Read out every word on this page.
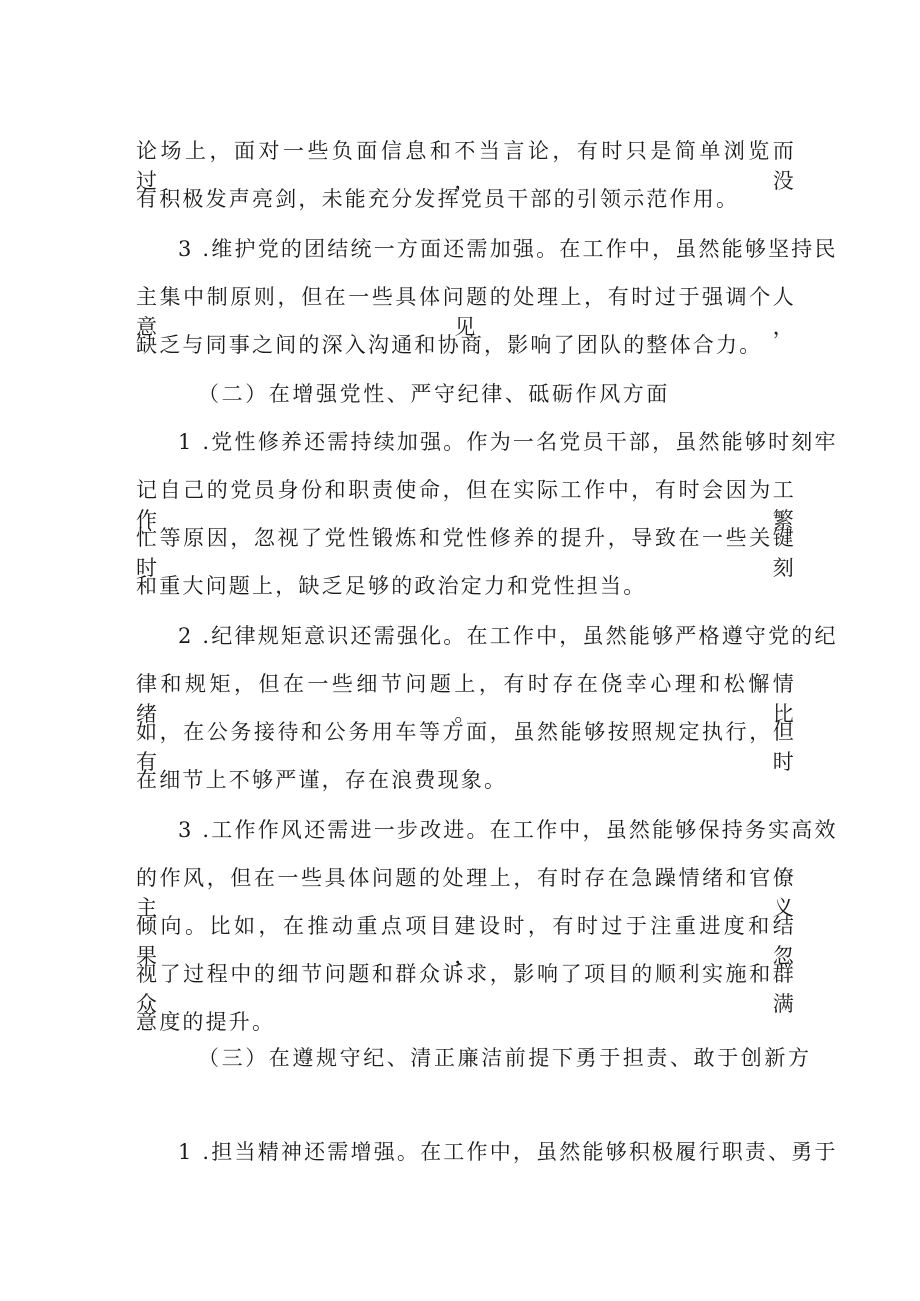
论场上，面对一些负面信息和不当言论，有时只是简单浏览而过，没

有积极发声亮剑，未能充分发挥党员干部的引领示范作用。

3 .维护党的团结统一方面还需加强。在工作中，虽然能够坚持民

主集中制原则，但在一些具体问题的处理上，有时过于强调个人意见，

缺乏与同事之间的深入沟通和协商，影响了团队的整体合力。

（二）在增强党性、严守纪律、砥砺作风方面

1 .党性修养还需持续加强。作为一名党员干部，虽然能够时刻牢

记自己的党员身份和职责使命，但在实际工作中，有时会因为工作繁

忙等原因，忽视了党性锻炼和党性修养的提升，导致在一些关键时刻

和重大问题上，缺乏足够的政治定力和党性担当。

2 .纪律规矩意识还需强化。在工作中，虽然能够严格遵守党的纪

律和规矩，但在一些细节问题上，有时存在侥幸心理和松懈情绪。比

如，在公务接待和公务用车等方面，虽然能够按照规定执行，但有时

在细节上不够严谨，存在浪费现象。

3 .工作作风还需进一步改进。在工作中，虽然能够保持务实高效

的作风，但在一些具体问题的处理上，有时存在急躁情绪和官僚主义

倾向。比如，在推动重点项目建设时，有时过于注重进度和结果，忽

视了过程中的细节问题和群众诉求，影响了项目的顺利实施和群众满

意度的提升。

（三）在遵规守纪、清正廉洁前提下勇于担责、敢于创新方

1 .担当精神还需增强。在工作中，虽然能够积极履行职责、勇于
